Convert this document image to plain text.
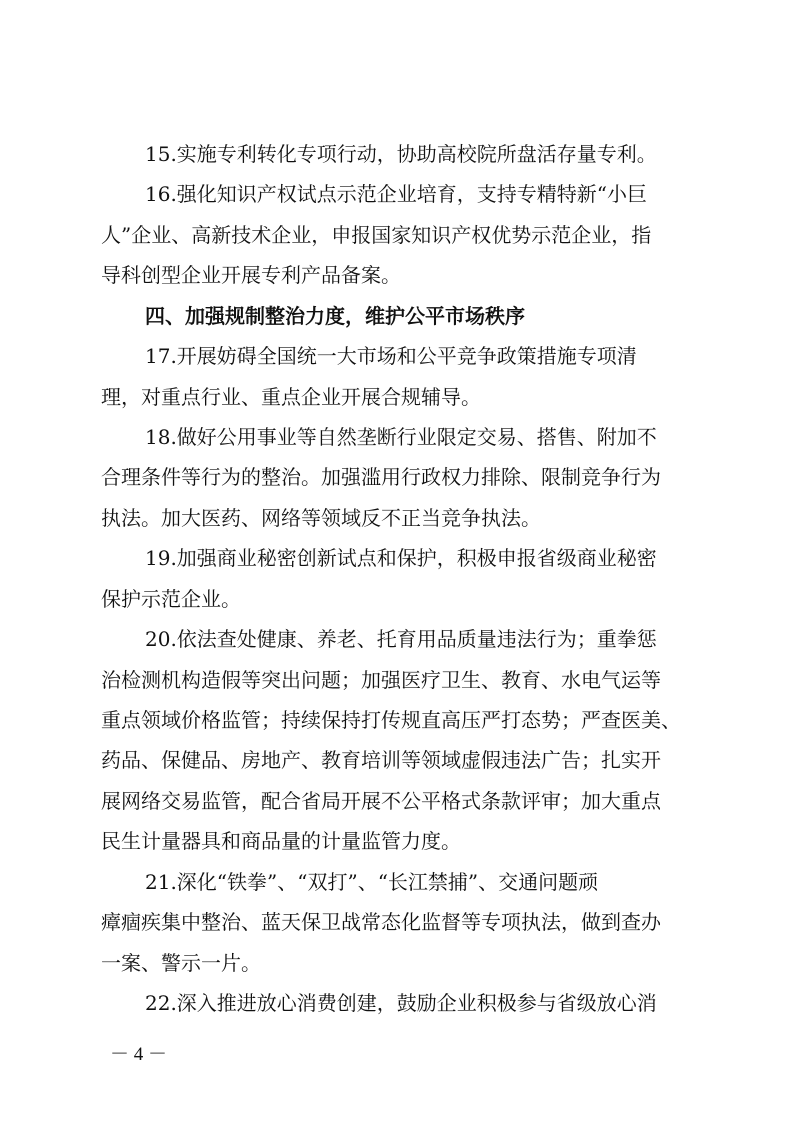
15.实施专利转化专项行动，协助高校院所盘活存量专利。
16.强化知识产权试点示范企业培育，支持专精特新“小巨
人”企业、高新技术企业，申报国家知识产权优势示范企业，指
导科创型企业开展专利产品备案。
四、加强规制整治力度，维护公平市场秩序
17.开展妨碍全国统一大市场和公平竞争政策措施专项清
理，对重点行业、重点企业开展合规辅导。
18.做好公用事业等自然垄断行业限定交易、搭售、附加不
合理条件等行为的整治。加强滥用行政权力排除、限制竞争行为
执法。加大医药、网络等领域反不正当竞争执法。
19.加强商业秘密创新试点和保护，积极申报省级商业秘密
保护示范企业。
20.依法查处健康、养老、托育用品质量违法行为；重拳惩
治检测机构造假等突出问题；加强医疗卫生、教育、水电气运等
重点领域价格监管；持续保持打传规直高压严打态势；严查医美、
药品、保健品、房地产、教育培训等领域虚假违法广告；扎实开
展网络交易监管，配合省局开展不公平格式条款评审；加大重点
民生计量器具和商品量的计量监管力度。
21.深化“铁拳”、“双打”、“长江禁捕”、交通问题顽
瘴痼疾集中整治、蓝天保卫战常态化监督等专项执法，做到查办
一案、警示一片。
22.深入推进放心消费创建，鼓励企业积极参与省级放心消
－ 4 －
